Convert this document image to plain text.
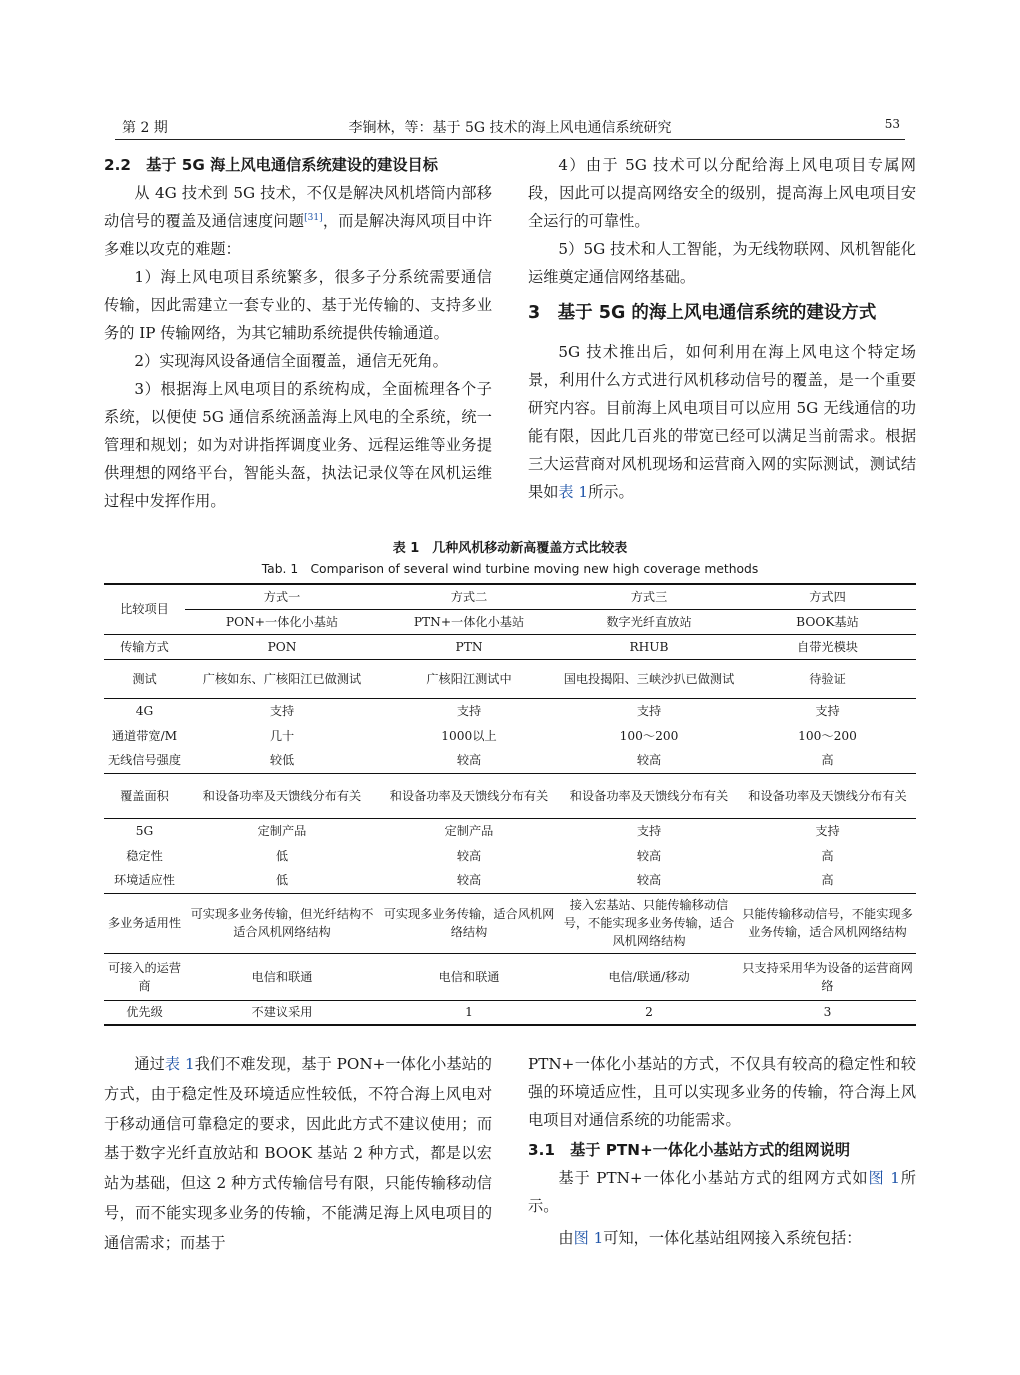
第 2 期	李锏林，等：基于 5G 技术的海上风电通信系统研究	53
2.2　基于 5G 海上风电通信系统建设的建设目标

从 4G 技术到 5G 技术，不仅是解决风机塔筒内部移动信号的覆盖及通信速度问题[31]，而是解决海风项目中许多难以攻克的难题：

1）海上风电项目系统繁多，很多子分系统需要通信传输，因此需建立一套专业的、基于光传输的、支持多业务的 IP 传输网络，为其它辅助系统提供传输通道。

2）实现海风设备通信全面覆盖，通信无死角。

3）根据海上风电项目的系统构成，全面梳理各个子系统，以便使 5G 通信系统涵盖海上风电的全系统，统一管理和规划；如为对讲指挥调度业务、远程运维等业务提供理想的网络平台，智能头盔，执法记录仪等在风机运维过程中发挥作用。

4）由于 5G 技术可以分配给海上风电项目专属网段，因此可以提高网络安全的级别，提高海上风电项目安全运行的可靠性。

5）5G 技术和人工智能，为无线物联网、风机智能化运维奠定通信网络基础。

3　基于 5G 的海上风电通信系统的建设方式

5G 技术推出后，如何利用在海上风电这个特定场景，利用什么方式进行风机移动信号的覆盖，是一个重要研究内容。目前海上风电项目可以应用 5G 无线通信的功能有限，因此几百兆的带宽已经可以满足当前需求。根据三大运营商对风机现场和运营商入网的实际测试，测试结果如表 1所示。

表 1　几种风机移动新高覆盖方式比较表
Tab. 1　Comparison of several wind turbine moving new high coverage methods
比较项目	方式一	方式二	方式三	方式四
	PON+一体化小基站	PTN+一体化小基站	数字光纤直放站	BOOK基站
传输方式	PON	PTN	RHUB	自带光模块
测试	广核如东、广核阳江已做测试	广核阳江测试中	国电投揭阳、三峡沙扒已做测试	待验证
4G	支持	支持	支持	支持
通道带宽/M	几十	1000以上	100～200	100～200
无线信号强度	较低	较高	较高	高
覆盖面积	和设备功率及天馈线分布有关	和设备功率及天馈线分布有关	和设备功率及天馈线分布有关	和设备功率及天馈线分布有关
5G	定制产品	定制产品	支持	支持
稳定性	低	较高	较高	高
环境适应性	低	较高	较高	高
多业务适用性	可实现多业务传输，但光纤结构不适合风机网络结构	可实现多业务传输，适合风机网络结构	接入宏基站、只能传输移动信号，不能实现多业务传输，适合风机网络结构	只能传输移动信号，不能实现多业务传输，适合风机网络结构
可接入的运营商	电信和联通	电信和联通	电信/联通/移动	只支持采用华为设备的运营商网络
优先级	不建议采用	1	2	3

通过表 1我们不难发现，基于 PON+一体化小基站的方式，由于稳定性及环境适应性较低，不符合海上风电对于移动通信可靠稳定的要求，因此此方式不建议使用；而基于数字光纤直放站和 BOOK 基站 2 种方式，都是以宏站为基础，但这 2 种方式传输信号有限，只能传输移动信号，而不能实现多业务的传输，不能满足海上风电项目的通信需求；而基于

PTN+一体化小基站的方式，不仅具有较高的稳定性和较强的环境适应性，且可以实现多业务的传输，符合海上风电项目对通信系统的功能需求。

3.1　基于 PTN+一体化小基站方式的组网说明

基于 PTN+一体化小基站方式的组网方式如图 1所示。

由图 1可知，一体化基站组网接入系统包括：
